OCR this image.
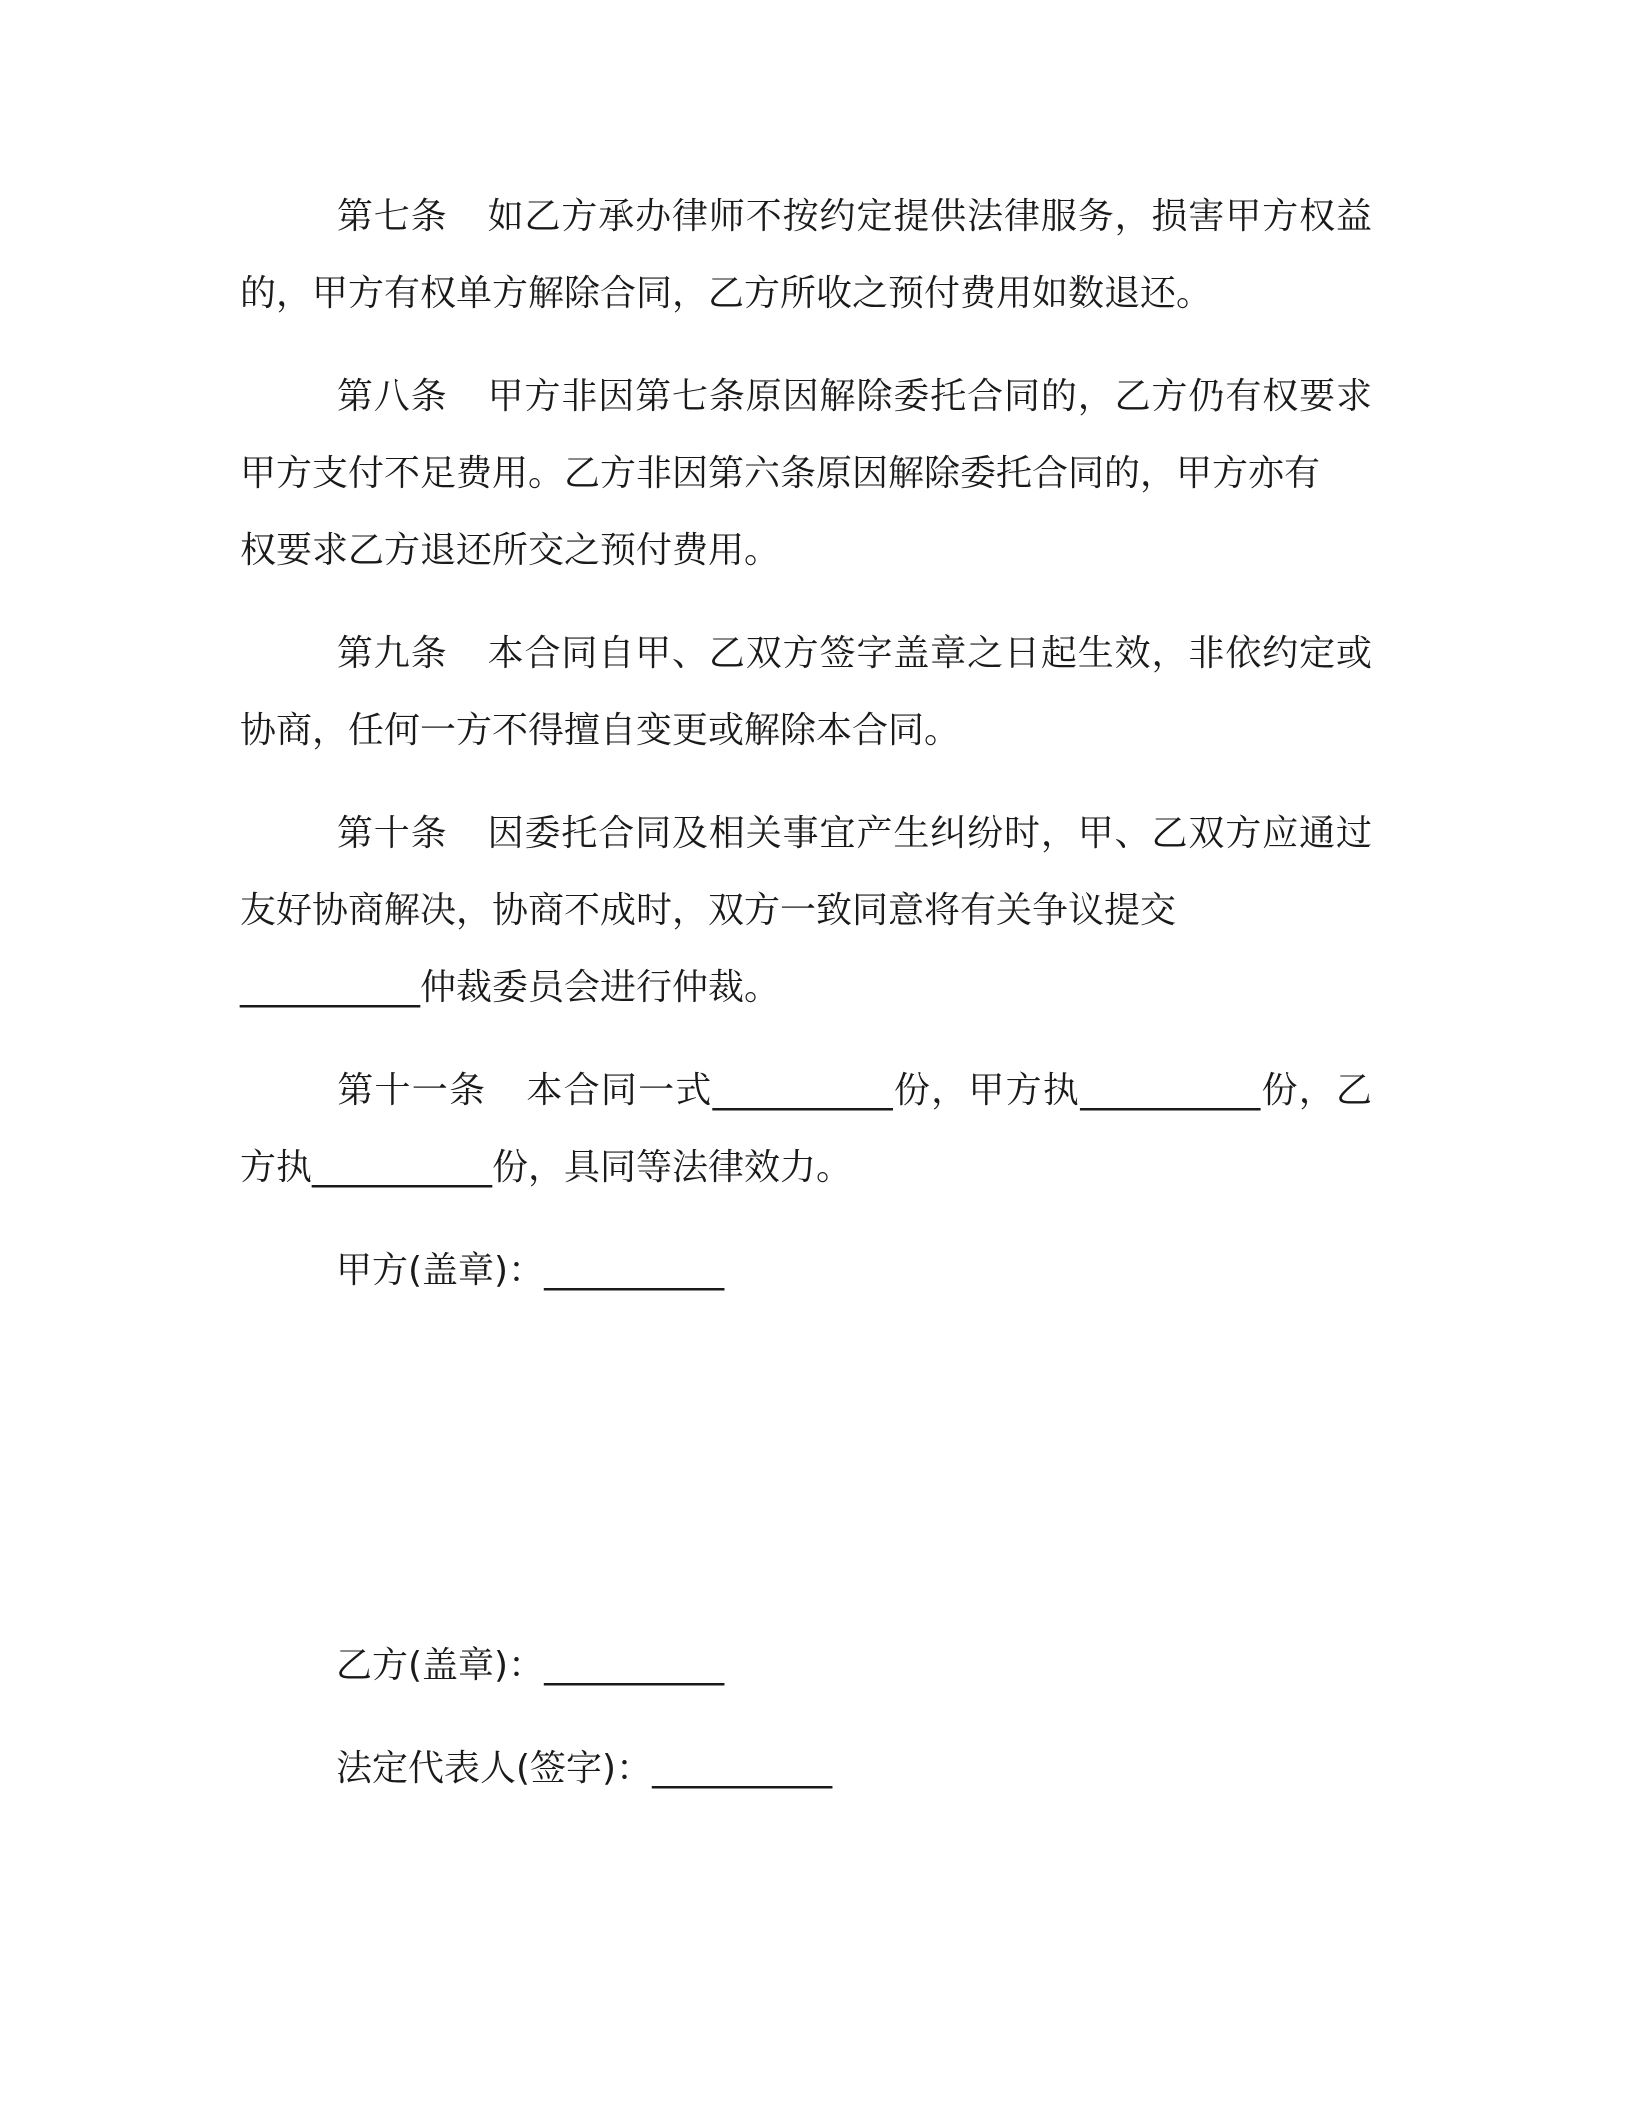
第七条 如乙方承办律师不按约定提供法律服务，损害甲方权益
的，甲方有权单方解除合同，乙方所收之预付费用如数退还。
第八条 甲方非因第七条原因解除委托合同的，乙方仍有权要求
甲方支付不足费用。乙方非因第六条原因解除委托合同的，甲方亦有
权要求乙方退还所交之预付费用。
第九条 本合同自甲、乙双方签字盖章之日起生效，非依约定或
协商，任何一方不得擅自变更或解除本合同。
第十条 因委托合同及相关事宜产生纠纷时，甲、乙双方应通过
友好协商解决，协商不成时，双方一致同意将有关争议提交
__________仲裁委员会进行仲裁。
第十一条 本合同一式__________份，甲方执__________份，乙
方执__________份，具同等法律效力。
甲方(盖章)：__________
乙方(盖章)：__________
法定代表人(签字)：__________
